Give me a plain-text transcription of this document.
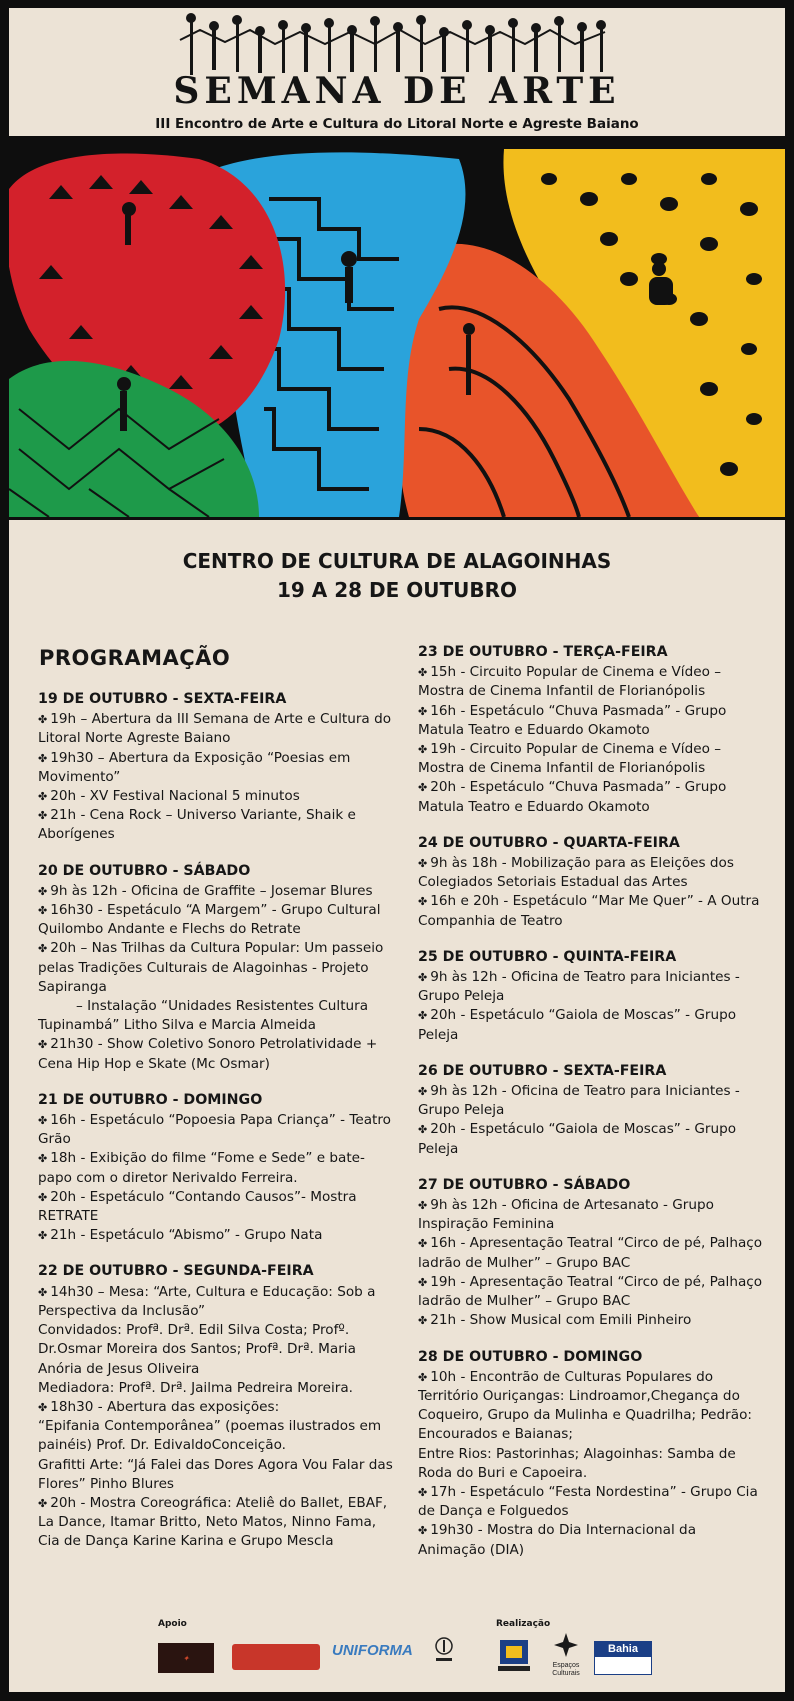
SEMANA DE ARTE
III Encontro de Arte e Cultura do Litoral Norte e Agreste Baiano
CENTRO DE CULTURA DE ALAGOINHAS
19 A 28 DE OUTUBRO
PROGRAMAÇÃO
19 DE OUTUBRO - SEXTA-FEIRA
✤ 19h – Abertura da III Semana de Arte e Cultura do Litoral Norte Agreste Baiano
✤ 19h30 – Abertura da Exposição “Poesias em Movimento”
✤ 20h - XV Festival Nacional 5 minutos
✤ 21h - Cena Rock – Universo Variante, Shaik e Aborígenes
20 DE OUTUBRO - SÁBADO
✤ 9h às 12h - Oficina de Graffite – Josemar Blures
✤ 16h30 - Espetáculo “A Margem” - Grupo Cultural Quilombo Andante e Flechs do Retrate
✤ 20h – Nas Trilhas da Cultura Popular: Um passeio pelas Tradições Culturais de Alagoinhas - Projeto Sapiranga
– Instalação “Unidades Resistentes Cultura Tupinambá” Litho Silva e Marcia Almeida
✤ 21h30 - Show Coletivo Sonoro Petrolatividade + Cena Hip Hop e Skate (Mc Osmar)
21 DE OUTUBRO - DOMINGO
✤ 16h - Espetáculo “Popoesia Papa Criança” - Teatro Grão
✤ 18h - Exibição do filme “Fome e Sede” e bate-papo com o diretor Nerivaldo Ferreira.
✤ 20h - Espetáculo “Contando Causos”- Mostra RETRATE
✤ 21h - Espetáculo “Abismo” - Grupo Nata
22 DE OUTUBRO - SEGUNDA-FEIRA
✤ 14h30 – Mesa: “Arte, Cultura e Educação: Sob a Perspectiva da Inclusão”
Convidados: Profª. Drª. Edil Silva Costa; Profº. Dr.Osmar Moreira dos Santos; Profª. Drª. Maria Anória de Jesus Oliveira
Mediadora: Profª. Drª. Jailma Pedreira Moreira.
✤ 18h30 - Abertura das exposições:
“Epifania Contemporânea” (poemas ilustrados em painéis) Prof. Dr. EdivaldoConceição.
Grafitti Arte: “Já Falei das Dores Agora Vou Falar das Flores” Pinho Blures
✤ 20h - Mostra Coreográfica: Ateliê do Ballet, EBAF, La Dance, Itamar Britto, Neto Matos, Ninno Fama, Cia de Dança Karine Karina e Grupo Mescla
23 DE OUTUBRO - TERÇA-FEIRA
✤ 15h - Circuito Popular de Cinema e Vídeo – Mostra de Cinema Infantil de Florianópolis
✤ 16h - Espetáculo “Chuva Pasmada” - Grupo Matula Teatro e Eduardo Okamoto
✤ 19h - Circuito Popular de Cinema e Vídeo – Mostra de Cinema Infantil de Florianópolis
✤ 20h - Espetáculo “Chuva Pasmada” - Grupo Matula Teatro e Eduardo Okamoto
24 DE OUTUBRO - QUARTA-FEIRA
✤ 9h às 18h - Mobilização para as Eleições dos Colegiados Setoriais Estadual das Artes
✤ 16h e 20h - Espetáculo “Mar Me Quer” - A Outra Companhia de Teatro
25 DE OUTUBRO - QUINTA-FEIRA
✤ 9h às 12h - Oficina de Teatro para Iniciantes - Grupo Peleja
✤ 20h - Espetáculo “Gaiola de Moscas” - Grupo Peleja
26 DE OUTUBRO - SEXTA-FEIRA
✤ 9h às 12h - Oficina de Teatro para Iniciantes - Grupo Peleja
✤ 20h - Espetáculo “Gaiola de Moscas” - Grupo Peleja
27 DE OUTUBRO - SÁBADO
✤ 9h às 12h - Oficina de Artesanato - Grupo Inspiração Feminina
✤ 16h - Apresentação Teatral “Circo de pé, Palhaço ladrão de Mulher” – Grupo BAC
✤ 19h - Apresentação Teatral “Circo de pé, Palhaço ladrão de Mulher” – Grupo BAC
✤ 21h - Show Musical com Emili Pinheiro
28 DE OUTUBRO - DOMINGO
✤ 10h - Encontrão de Culturas Populares do Território Ouriçangas: Lindroamor,Chegança do Coqueiro, Grupo da Mulinha e Quadrilha; Pedrão: Encourados e Baianas;
Entre Rios: Pastorinhas; Alagoinhas: Samba de Roda do Buri e Capoeira.
✤ 17h - Espetáculo “Festa Nordestina” - Grupo Cia de Dança e Folguedos
✤ 19h30 - Mostra do Dia Internacional da Animação (DIA)
Apoio	Realização
✦	UNIFORMA
Espaços Culturais
Bahia
